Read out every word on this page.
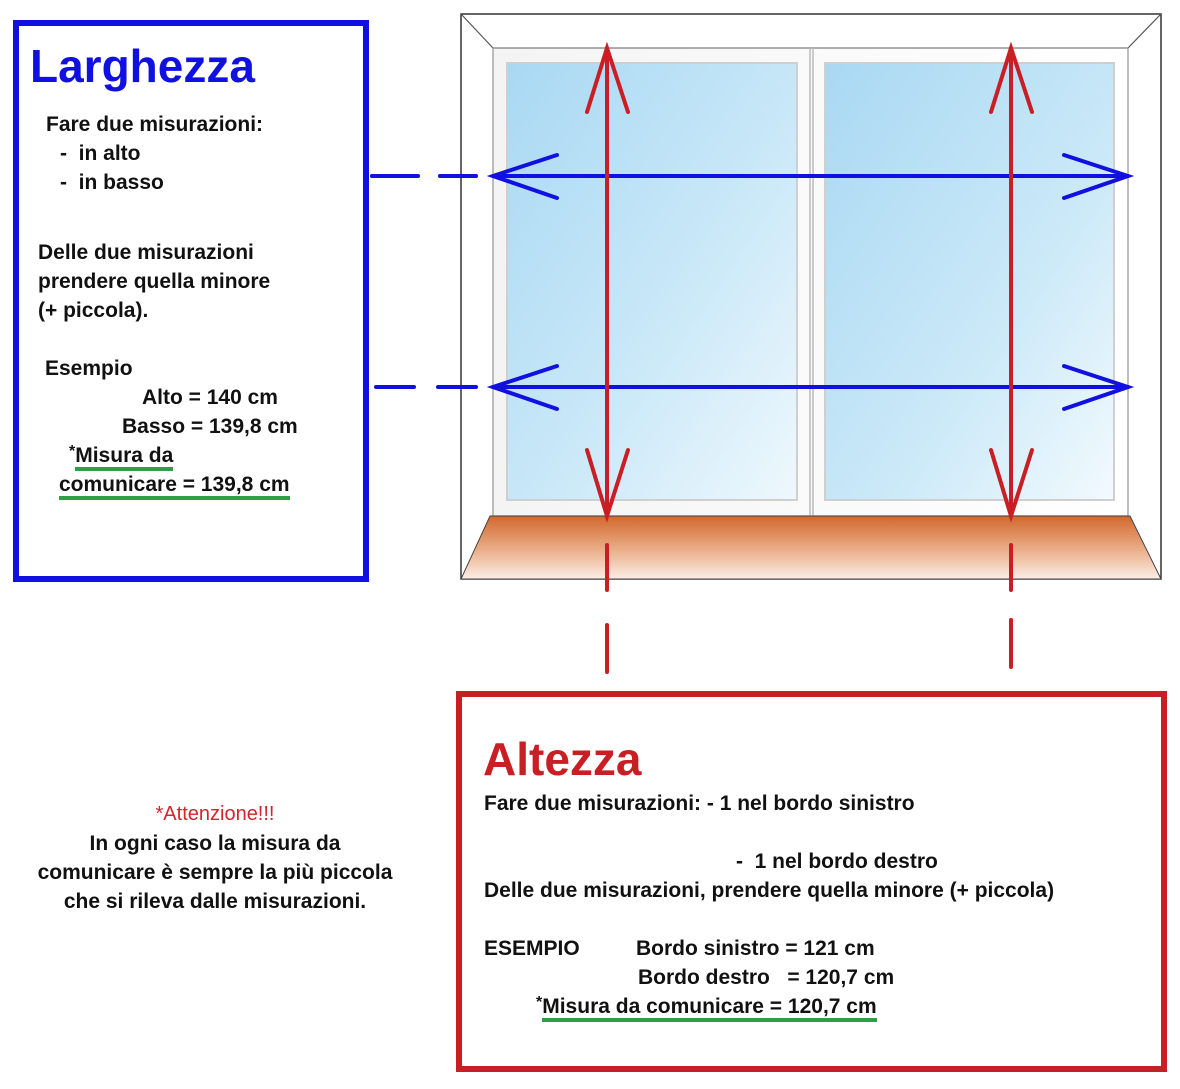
Larghezza
Fare due misurazioni:
-  in alto
-  in basso
Delle due misurazioni
prendere quella minore
(+ piccola).
Esempio
Alto = 140 cm
Basso = 139,8 cm
*Misura da
comunicare = 139,8 cm
Altezza
Fare due misurazioni: - 1 nel bordo sinistro
-  1 nel bordo destro
Delle due misurazioni, prendere quella minore (+ piccola)
ESEMPIO	Bordo sinistro = 121 cm
Bordo destro   = 120,7 cm
*Misura da comunicare = 120,7 cm
*Attenzione!!!
In ogni caso la misura da
comunicare è sempre la più piccola
che si rileva dalle misurazioni.
